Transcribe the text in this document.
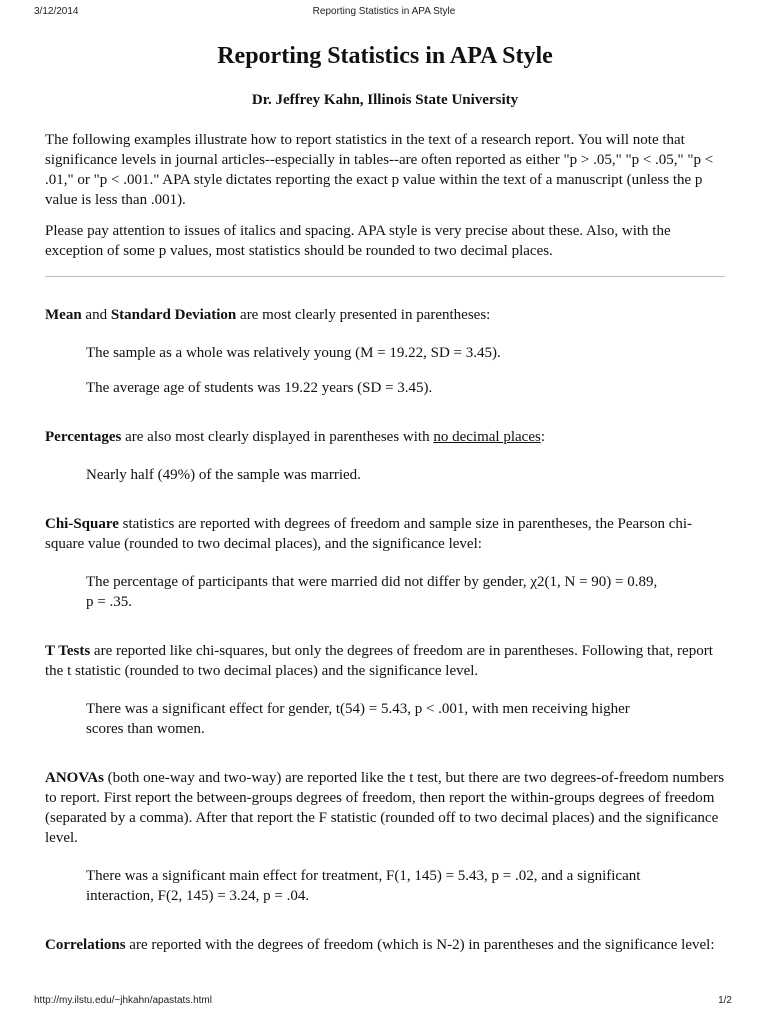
3/12/2014	Reporting Statistics in APA Style
Reporting Statistics in APA Style
Dr. Jeffrey Kahn, Illinois State University

The following examples illustrate how to report statistics in the text of a research report. You will note that significance levels in journal articles--especially in tables--are often reported as either "p > .05," "p < .05," "p < .01," or "p < .001." APA style dictates reporting the exact p value within the text of a manuscript (unless the p value is less than .001).

Please pay attention to issues of italics and spacing. APA style is very precise about these. Also, with the exception of some p values, most statistics should be rounded to two decimal places.

Mean and Standard Deviation are most clearly presented in parentheses:

The sample as a whole was relatively young (M = 19.22, SD = 3.45).

The average age of students was 19.22 years (SD = 3.45).

Percentages are also most clearly displayed in parentheses with no decimal places:

Nearly half (49%) of the sample was married.

Chi-Square statistics are reported with degrees of freedom and sample size in parentheses, the Pearson chi-square value (rounded to two decimal places), and the significance level:

The percentage of participants that were married did not differ by gender, χ2(1, N = 90) = 0.89, p = .35.

T Tests are reported like chi-squares, but only the degrees of freedom are in parentheses. Following that, report the t statistic (rounded to two decimal places) and the significance level.

There was a significant effect for gender, t(54) = 5.43, p < .001, with men receiving higher scores than women.

ANOVAs (both one-way and two-way) are reported like the t test, but there are two degrees-of-freedom numbers to report. First report the between-groups degrees of freedom, then report the within-groups degrees of freedom (separated by a comma). After that report the F statistic (rounded off to two decimal places) and the significance level.

There was a significant main effect for treatment, F(1, 145) = 5.43, p = .02, and a significant interaction, F(2, 145) = 3.24, p = .04.

Correlations are reported with the degrees of freedom (which is N-2) in parentheses and the significance level:

http://my.ilstu.edu/~jhkahn/apastats.html	1/2
